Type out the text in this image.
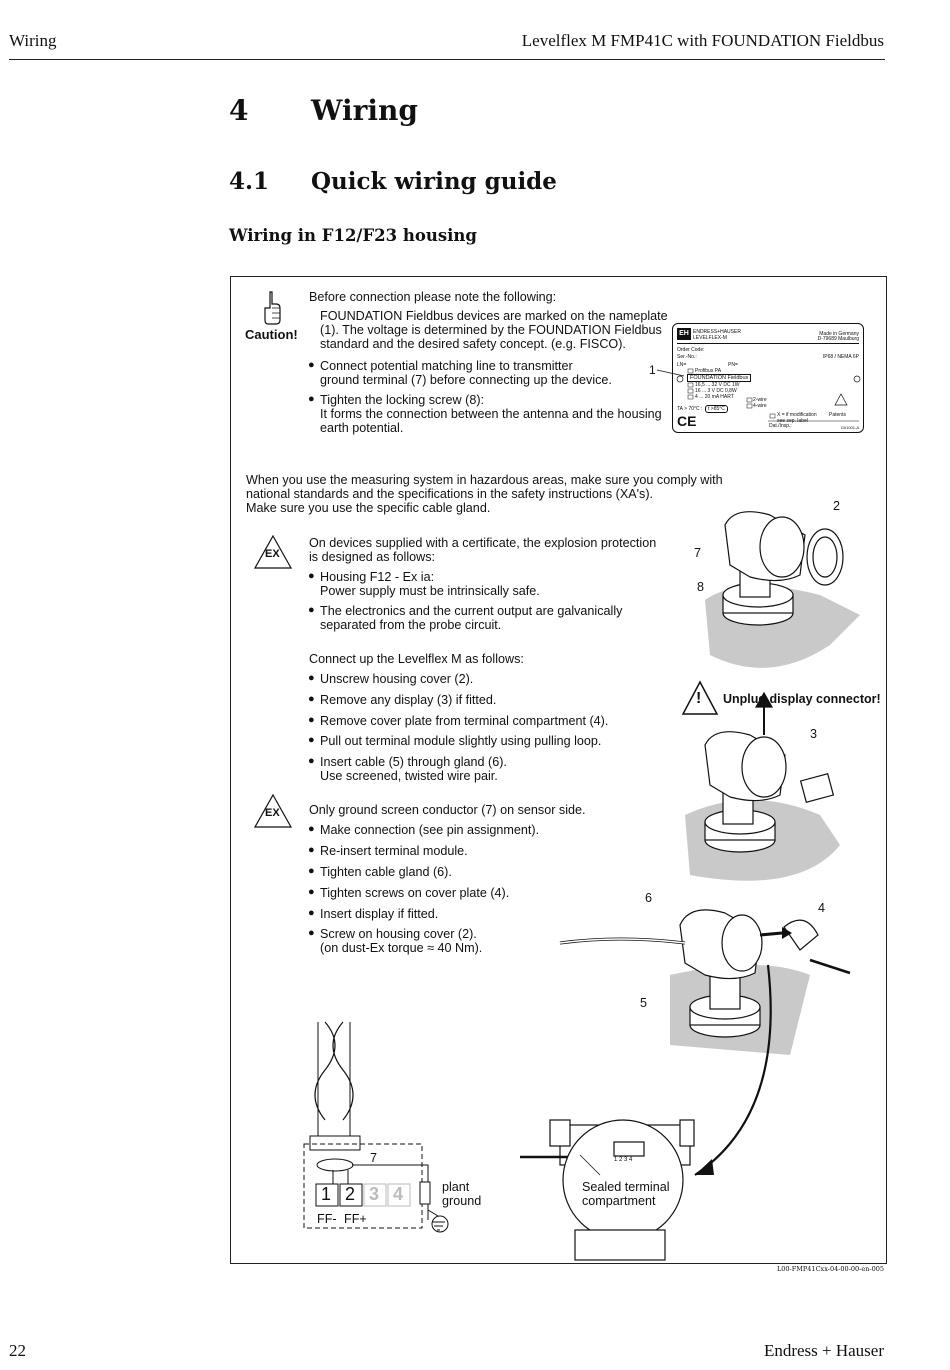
Wiring	Levelflex M FMP41C with FOUNDATION Fieldbus
4 Wiring
4.1 Quick wiring guide
Wiring in F12/F23 housing
Caution!
Before connection please note the following:
FOUNDATION Fieldbus devices are marked on the nameplate
(1). The voltage is determined by the FOUNDATION Fieldbus
standard and the desired safety concept. (e.g. FISCO).
● Connect potential matching line to transmitter
ground terminal (7) before connecting up the device.
● Tighten the locking screw (8):
It forms the connection between the antenna and the housing
earth potential.
1
EH ENDRESS+HAUSER
LEVELFLEX-M
Made in Germany
D-79689 Maulburg
Order Code:
Ser.-No.:	IP68 / NEMA 6P
LN=	PN=
Profibus PA
FOUNDATION Fieldbus
16,5 ... 32 V DC 1W
16 ... 3 V DC 0,8W
4 ... 20 mA HART	2-wire
4-wire
TA > 70°C :	t >85°C
X = if modification see sep. label
Patents
Dat./Insp.:
CE	D01001-A
When you use the measuring system in hazardous areas, make sure you comply with
national standards and the specifications in the safety instructions (XA's).
Make sure you use the specific cable gland.
EX
On devices supplied with a certificate, the explosion protection
is designed as follows:
● Housing F12 - Ex ia:
Power supply must be intrinsically safe.
● The electronics and the current output are galvanically
separated from the probe circuit.
Connect up the Levelflex M as follows:
● Unscrew housing cover (2).
● Remove any display (3) if fitted.
● Remove cover plate from terminal compartment (4).
● Pull out terminal module slightly using pulling loop.
● Insert cable (5) through gland (6).
Use screened, twisted wire pair.
EX Only ground screen conductor (7) on sensor side.
● Make connection (see pin assignment).
● Re-insert terminal module.
● Tighten cable gland (6).
● Tighten screws on cover plate (4).
● Insert display if fitted.
● Screw on housing cover (2).
(on dust-Ex torque ≈ 40 Nm).
2
7
8
3
6
4
5
! Unplug display connector!
7
1 2 3 4
FF- FF+
plant
ground
1 2 3 4
Sealed terminal
compartment
L00-FMP41Cxx-04-00-00-en-005
22	Endress + Hauser
